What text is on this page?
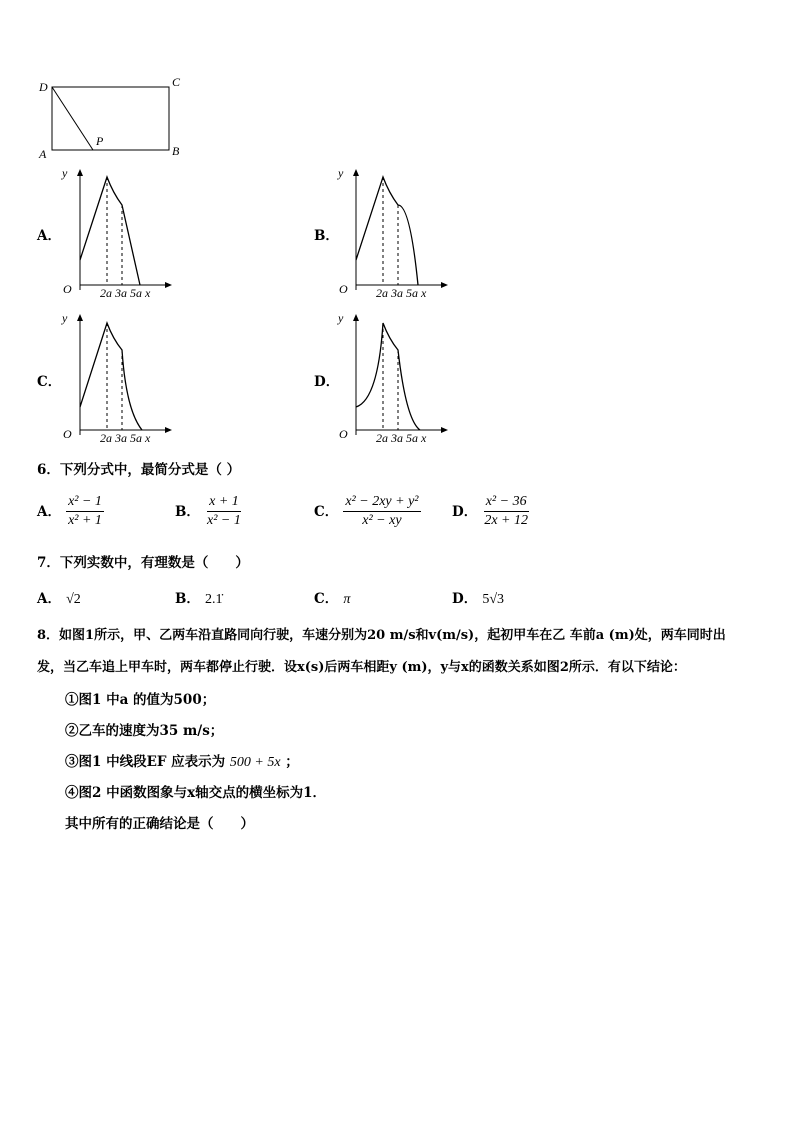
D	C
A	B
P
A．
y
O 2a 3a 5a x
B．
y
O 2a 3a 5a x
C．
y
O 2a 3a 5a x
D．
y
O 2a 3a 5a x
6．下列分式中，最简分式是（ ）
A． $\frac{\text{x² − 1}}{\text{x² + 1}}$	B． $\frac{x + 1}{\text{x² − 1}}$	C． $\frac{\text{x² − 2xy + y²}}{\text{x² − xy}}$ D． $\frac{\text{x² − 36}}{2x + 12}$
7．下列实数中，有理数是（　　）
A． √2	B． 2.1̇	C． π	D． 5√3
8．如图1所示，甲、乙两车沿直路同向行驶，车速分别为20 m/s和v(m/s)，起初甲车在乙 车前a (m)处，两车同时出
发，当乙车追上甲车时，两车都停止行驶．设x(s)后两车相距y (m)，y与x的函数关系如图2所示．有以下结论：
①图1 中a 的值为500；
②乙车的速度为35 m/s；
③图1 中线段EF 应表示为 500 + 5x ；
④图2 中函数图象与x轴交点的横坐标为1．
其中所有的正确结论是（　　）
